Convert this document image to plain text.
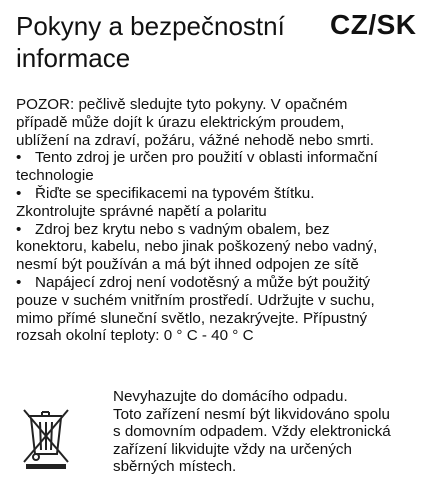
Pokyny a bezpečnostní
informace
CZ/SK

POZOR: pečlivě sledujte tyto pokyny. V opačném
případě může dojít k úrazu elektrickým proudem,
ublížení na zdraví, požáru, vážné nehodě nebo smrti.

• Tento zdroj je určen pro použití v oblasti informační

technologie

• Řiďte se specifikacemi na typovém štítku.

Zkontrolujte správné napětí a polaritu

• Zdroj bez krytu nebo s vadným obalem, bez

konektoru, kabelu, nebo jinak poškozený nebo vadný,
nesmí být používán a má být ihned odpojen ze sítě

• Napájecí zdroj není vodotěsný a může být použitý

pouze v suchém vnitřním prostředí. Udržujte v suchu,
mimo přímé sluneční světlo, nezakrývejte. Přípustný
rozsah okolní teploty: 0 ° C - 40 ° C

Nevyhazujte do domácího odpadu.
Toto zařízení nesmí být likvidováno spolu
s domovním odpadem. Vždy elektronická
zařízení likvidujte vždy na určených
sběrných místech.
